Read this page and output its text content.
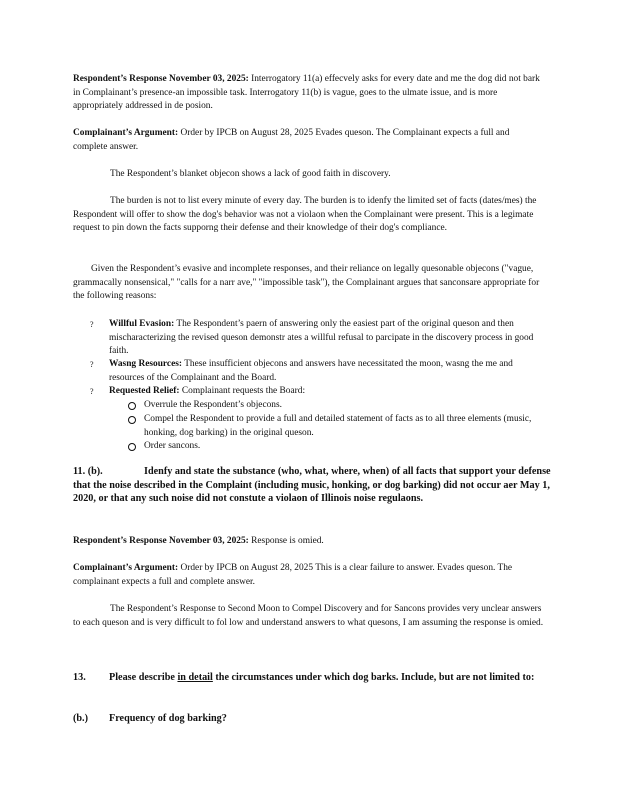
Respondent’s Response November 03, 2025: Interrogatory 11(a) effecvely asks for every date and me the dog did not bark in Complainant’s presence-an impossible task. Interrogatory 11(b) is vague, goes to the ulmate issue, and is more appropriately addressed in de posion.

Complainant’s Argument: Order by IPCB on August 28, 2025 Evades queson. The Complainant expects a full and complete answer.

The Respondent’s blanket objecon shows a lack of good faith in discovery.

The burden is not to list every minute of every day. The burden is to idenfy the limited set of facts (dates/mes) the Respondent will offer to show the dog's behavior was not a violaon when the Complainant were present. This is a legimate request to pin down the facts supporng their defense and their knowledge of their dog's compliance.

Given the Respondent’s evasive and incomplete responses, and their reliance on legally quesonable objecons ("vague, grammacally nonsensical," "calls for a narr ave," "impossible task"), the Complainant argues that sanconsare appropriate for the following reasons:

? Willful Evasion: The Respondent’s paern of answering only the easiest part of the original queson and then mischaracterizing the revised queson demonstr ates a willful refusal to parcipate in the discovery process in good faith.
? Wasng Resources: These insufficient objecons and answers have necessitated the moon, wasng the me and resources of the Complainant and the Board.
? Requested Relief: Complainant requests the Board:
Overrule the Respondent’s objecons.
Compel the Respondent to provide a full and detailed statement of facts as to all three elements (music, honking, dog barking) in the original queson.
Order sancons.
11. (b).	Idenfy and state the substance (who, what, where, when) of all facts that support your defense that the noise described in the Complaint (including music, honking, or dog barking) did not occur aer May 1, 2020, or that any such noise did not constute a violaon of Illinois noise regulaons.

Respondent’s Response November 03, 2025: Response is omied.

Complainant’s Argument: Order by IPCB on August 28, 2025 This is a clear failure to answer. Evades queson. The complainant expects a full and complete answer.

The Respondent’s Response to Second Moon to Compel Discovery and for Sancons provides very unclear answers to each queson and is very difficult to fol low and understand answers to what quesons, I am assuming the response is omied.

13. Please describe in detail the circumstances under which dog barks. Include, but are not limited to:
(b.) Frequency of dog barking?
